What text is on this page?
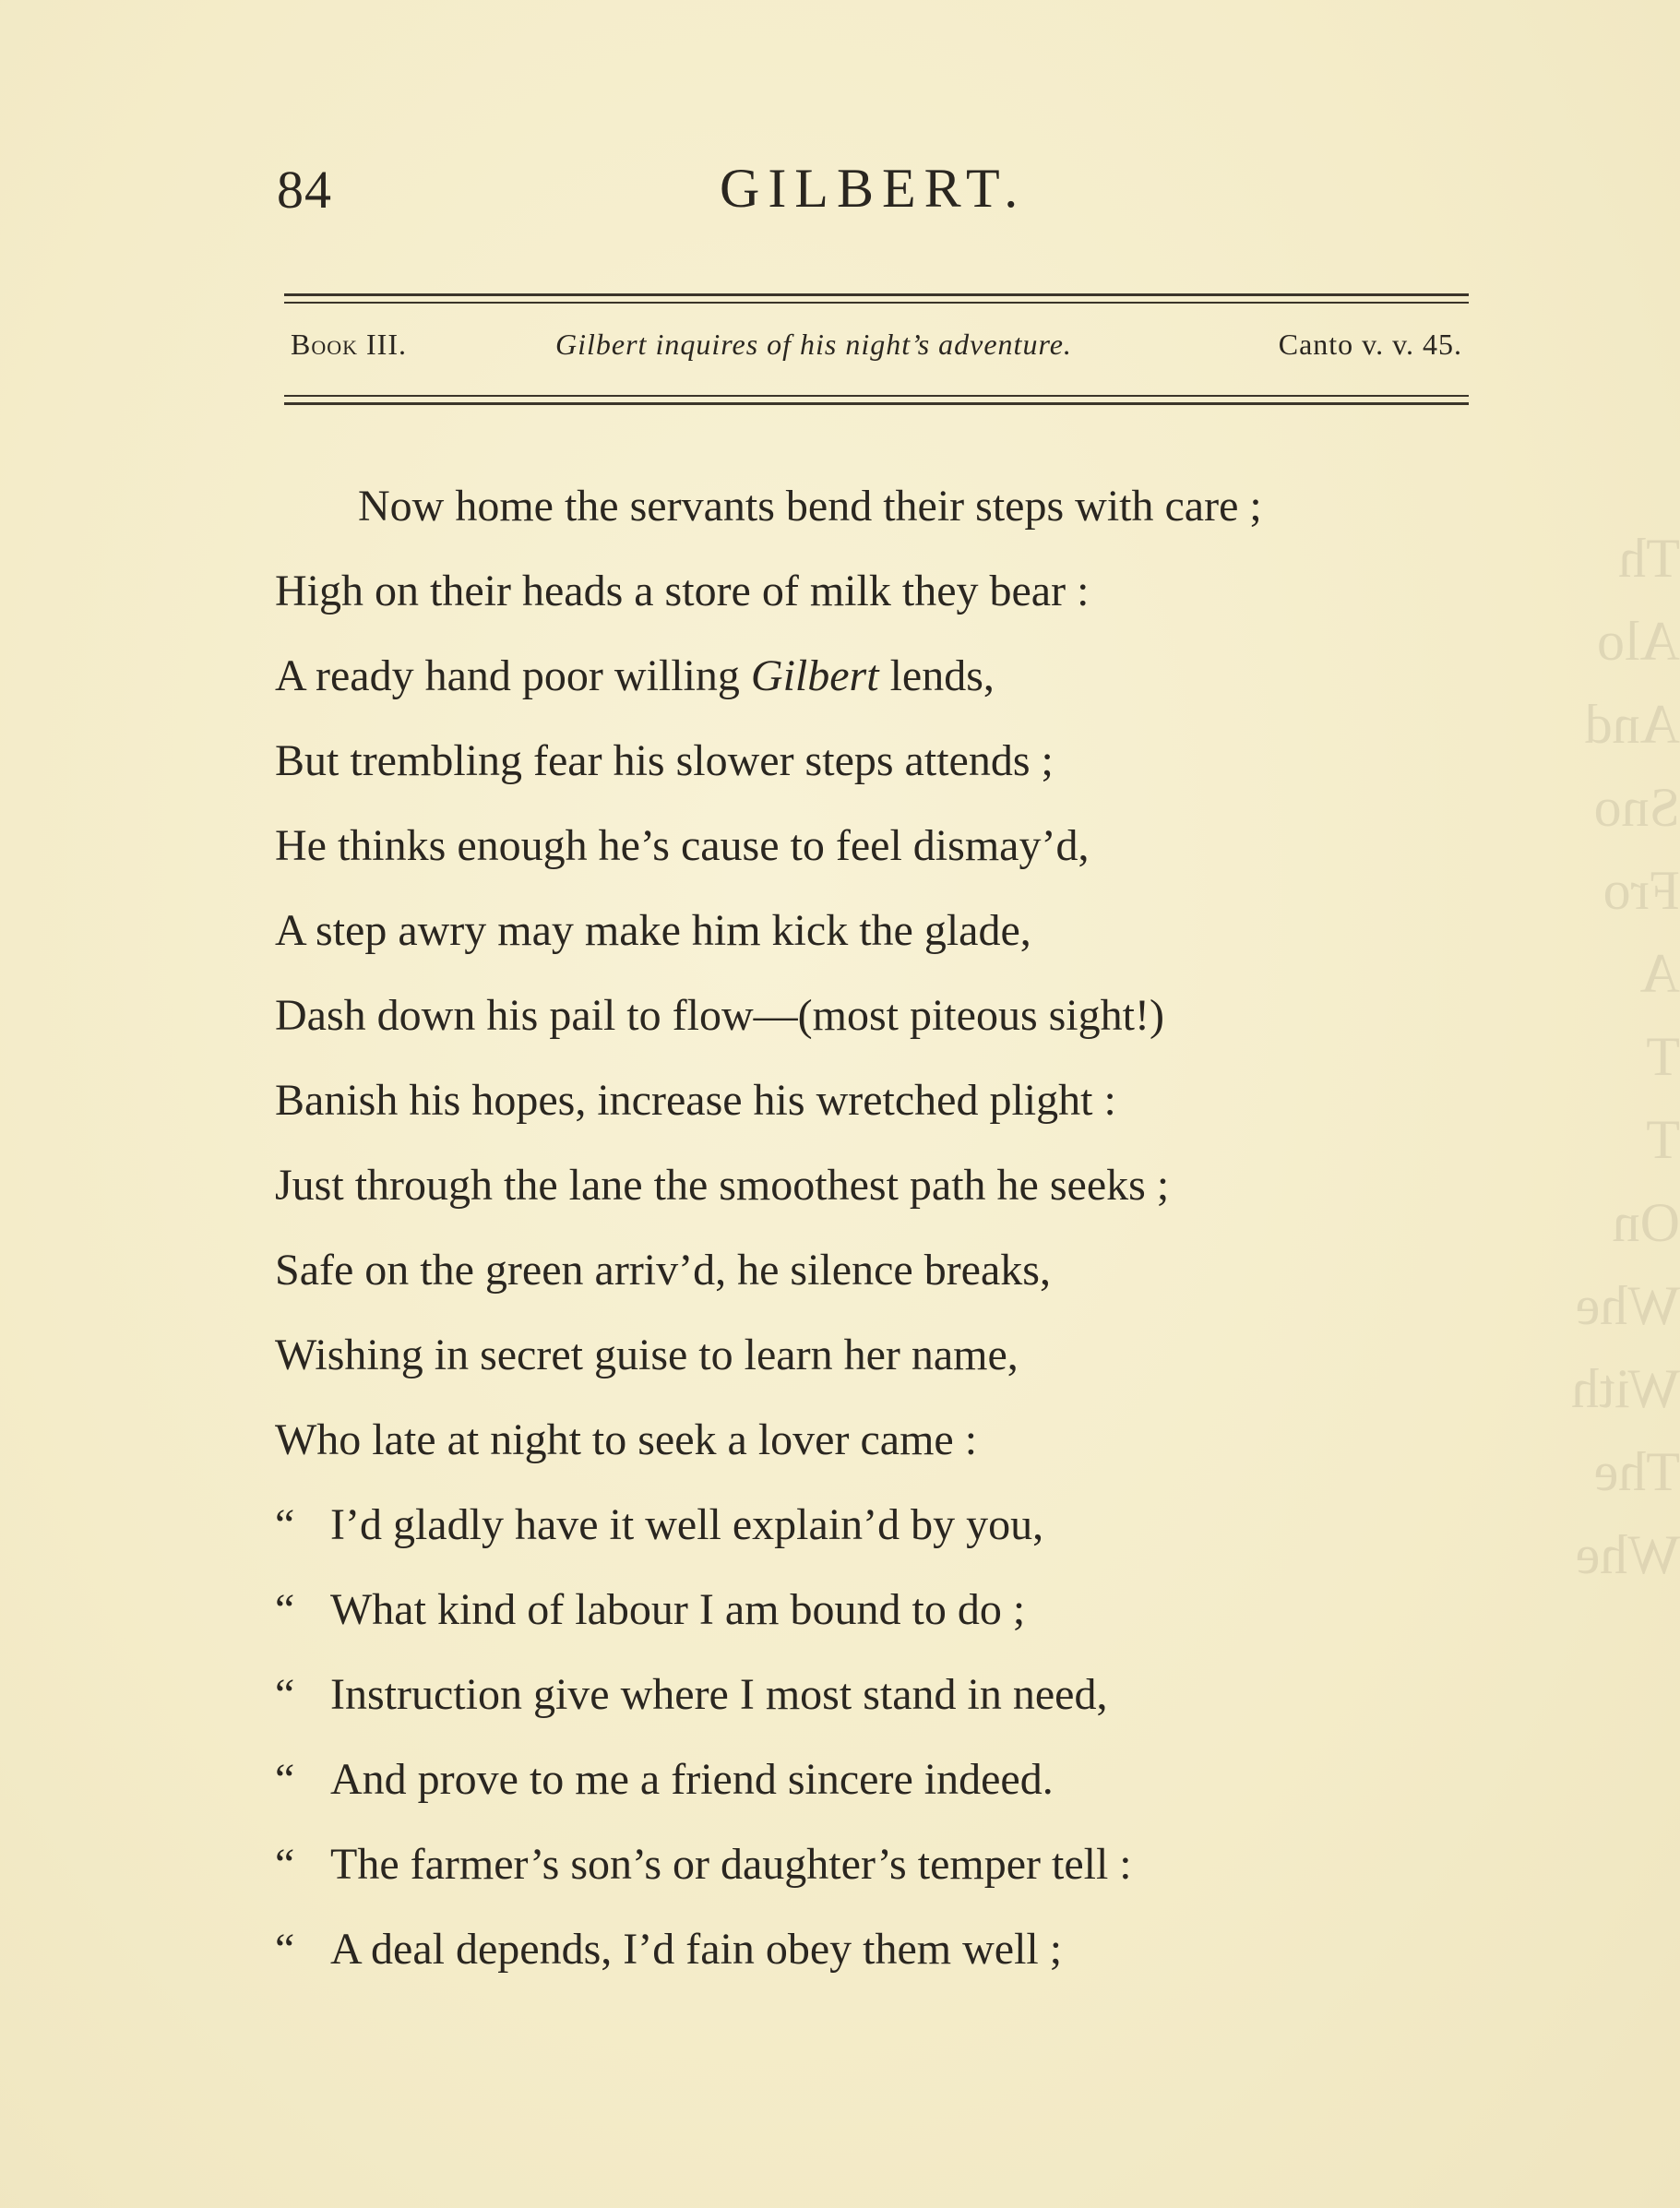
Th
Alo
And
Sno
Fro
A
T
T
On
Whe
With
The
Whe
84	GILBERT.
Book III.	Gilbert inquires of his night’s adventure.	Canto v. v. 45.
Now home the servants bend their steps with care ;
High on their heads a store of milk they bear :
A ready hand poor willing Gilbert lends,
But trembling fear his slower steps attends ;
He thinks enough he’s cause to feel dismay’d,
A step awry may make him kick the glade,
Dash down his pail to flow—(most piteous sight!)
Banish his hopes, increase his wretched plight :
Just through the lane the smoothest path he seeks ;
Safe on the green arriv’d, he silence breaks,
Wishing in secret guise to learn her name,
Who late at night to seek a lover came :
“ I’d gladly have it well explain’d by you,
“ What kind of labour I am bound to do ;
“ Instruction give where I most stand in need,
“ And prove to me a friend sincere indeed.
“ The farmer’s son’s or daughter’s temper tell :
“ A deal depends, I’d fain obey them well ;
